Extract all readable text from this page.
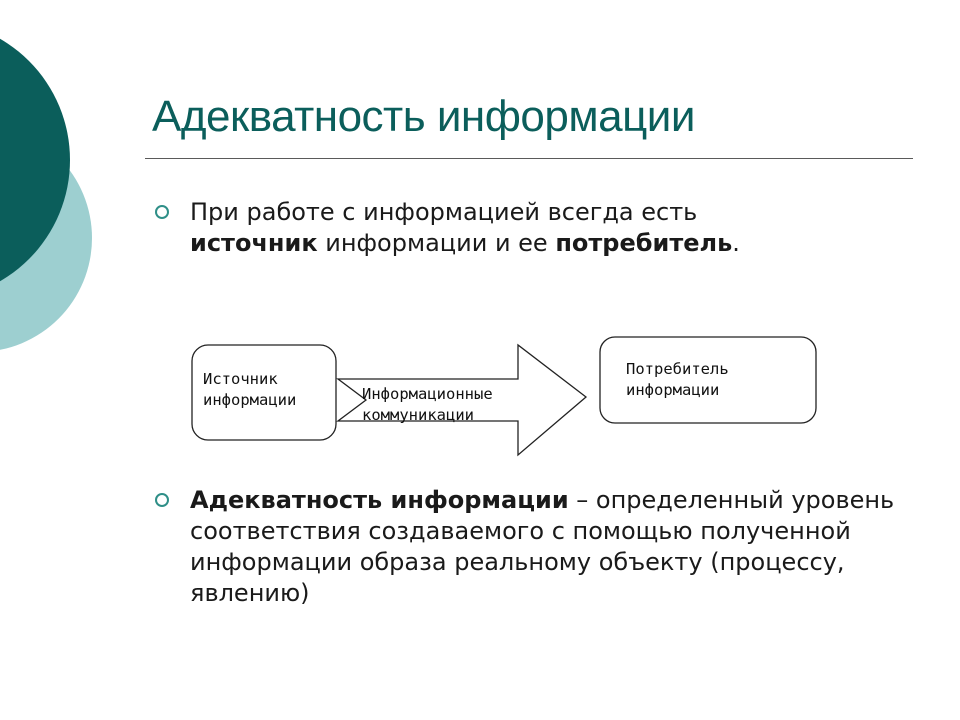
Адекватность информации

При работе с информацией всегда есть
источник информации и ее потребитель.

Источник
информации	Информационные
коммуникации
Потребитель
информации

Адекватность информации – определенный уровень соответствия создаваемого с помощью полученной информации образа реальному объекту (процессу, явлению)
